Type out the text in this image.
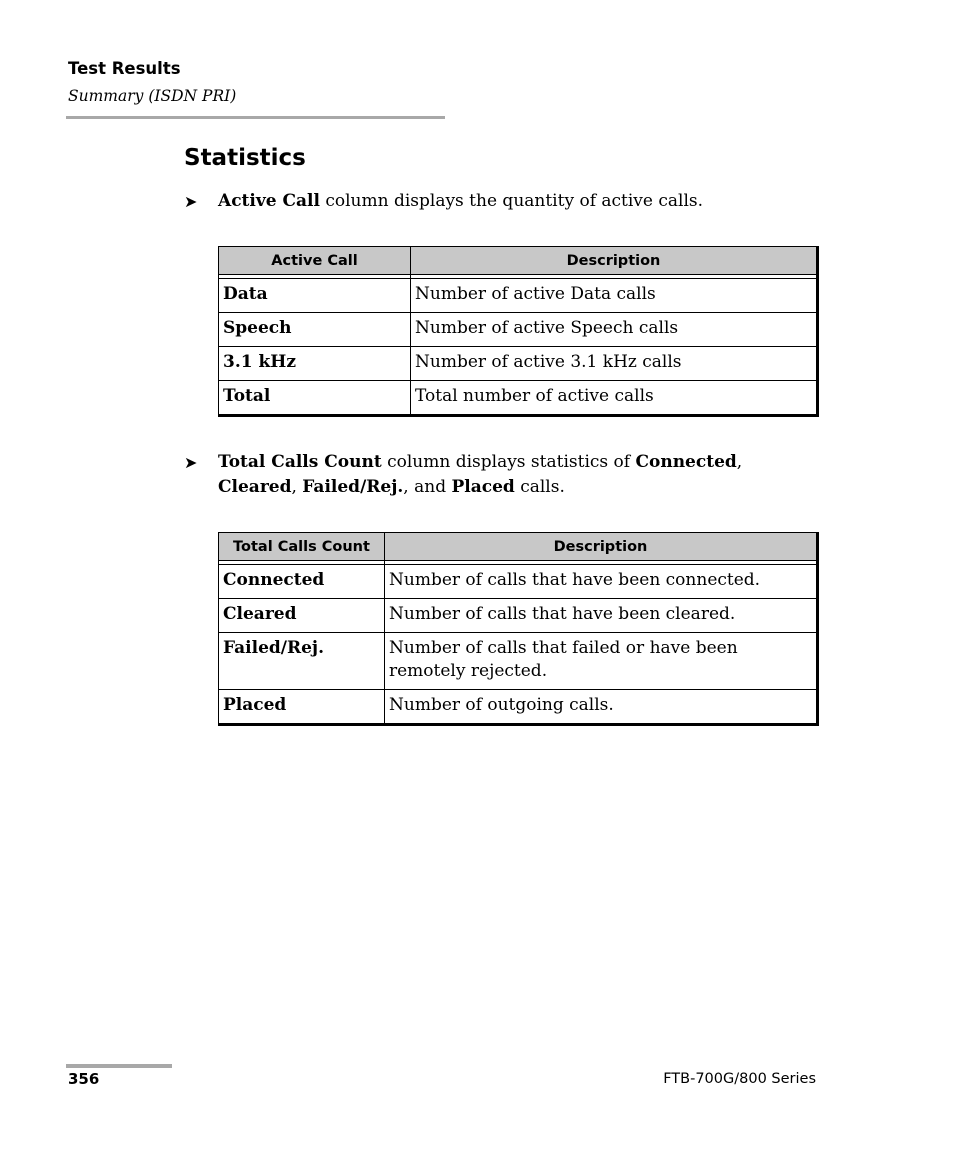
Test Results
Summary (ISDN PRI)
Statistics
➤ Active Call column displays the quantity of active calls.
Active Call	Description

Data	Number of active Data calls
Speech	Number of active Speech calls
3.1 kHz	Number of active 3.1 kHz calls
Total	Total number of active calls
➤ Total Calls Count column displays statistics of Connected, Cleared, Failed/Rej., and Placed calls.
Total Calls Count	Description

Connected	Number of calls that have been connected.
Cleared	Number of calls that have been cleared.
Failed/Rej.	Number of calls that failed or have been remotely rejected.
Placed	Number of outgoing calls.
356	FTB-700G/800 Series
